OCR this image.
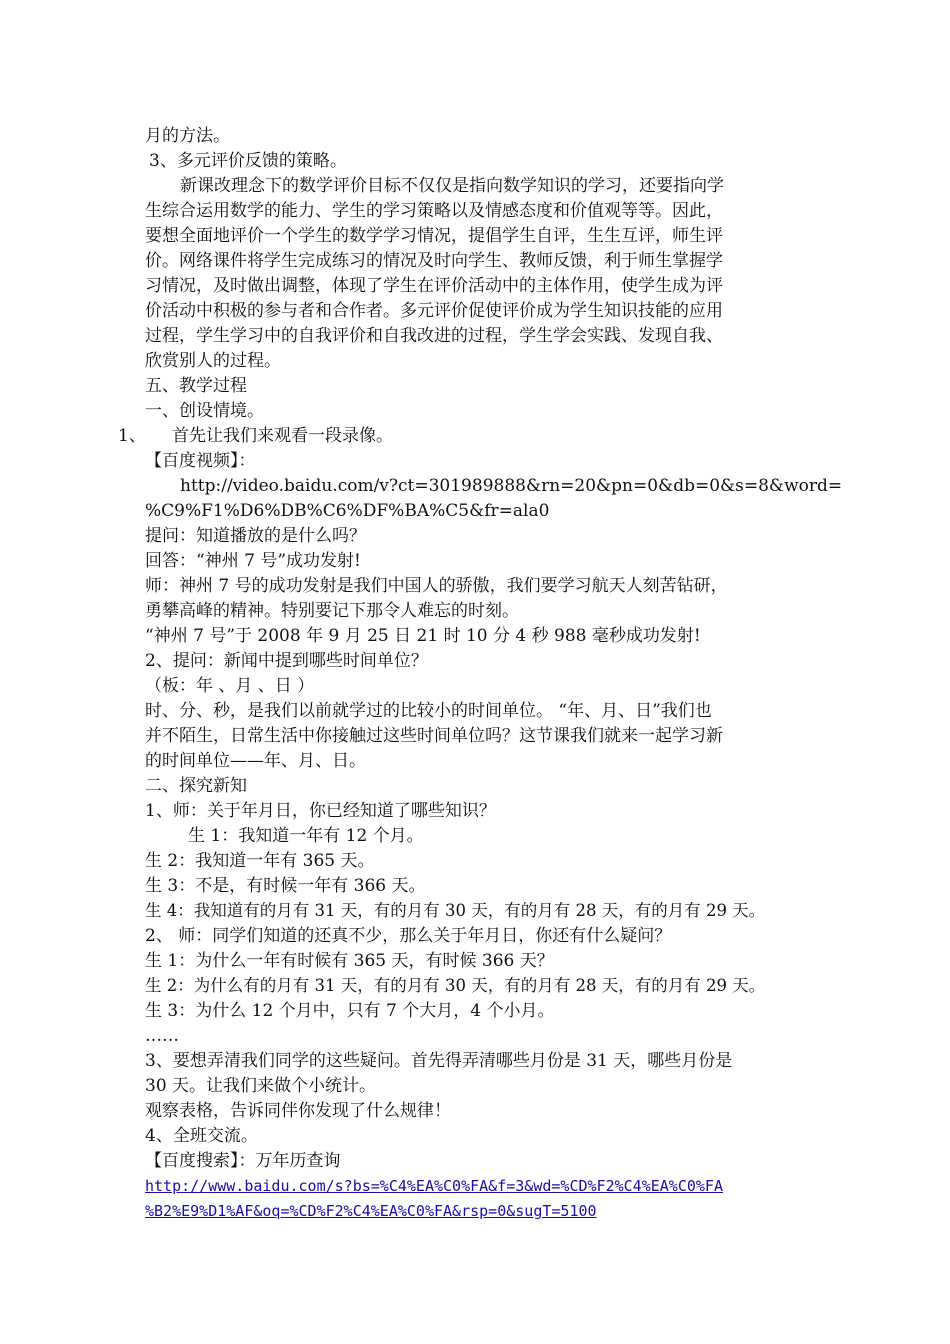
月的方法。
3、多元评价反馈的策略。
新课改理念下的数学评价目标不仅仅是指向数学知识的学习，还要指向学
生综合运用数学的能力、学生的学习策略以及情感态度和价值观等等。因此，
要想全面地评价一个学生的数学学习情况，提倡学生自评，生生互评，师生评
价。网络课件将学生完成练习的情况及时向学生、教师反馈，利于师生掌握学
习情况，及时做出调整，体现了学生在评价活动中的主体作用，使学生成为评
价活动中积极的参与者和合作者。多元评价促使评价成为学生知识技能的应用
过程，学生学习中的自我评价和自我改进的过程，学生学会实践、发现自我、
欣赏别人的过程。
五、教学过程
一、创设情境。
1、 首先让我们来观看一段录像。
【百度视频】：
http://video.baidu.com/v?ct=301989888&rn=20&pn=0&db=0&s=8&word=
%C9%F1%D6%DB%C6%DF%BA%C5&fr=ala0
提问：知道播放的是什么吗？
回答：“神州 7 号”成功发射!
师：神州 7 号的成功发射是我们中国人的骄傲，我们要学习航天人刻苦钻研，
勇攀高峰的精神。特别要记下那令人难忘的时刻。
“神州 7 号”于 2008 年 9 月 25 日 21 时 10 分 4 秒 988 毫秒成功发射!
2、提问：新闻中提到哪些时间单位？
（板：年 、月 、日 ）
时、分、秒，是我们以前就学过的比较小的时间单位。 “年、月、日”我们也
并不陌生，日常生活中你接触过这些时间单位吗？这节课我们就来一起学习新
的时间单位——年、月、日。
二、探究新知
1、师：关于年月日，你已经知道了哪些知识？
生 1：我知道一年有 12 个月。
生 2：我知道一年有 365 天。
生 3：不是，有时候一年有 366 天。
生 4：我知道有的月有 31 天，有的月有 30 天，有的月有 28 天，有的月有 29 天。
2、 师：同学们知道的还真不少，那么关于年月日，你还有什么疑问？
生 1：为什么一年有时候有 365 天，有时候 366 天？
生 2：为什么有的月有 31 天，有的月有 30 天，有的月有 28 天，有的月有 29 天。
生 3：为什么 12 个月中，只有 7 个大月，4 个小月。
……
3、要想弄清我们同学的这些疑问。首先得弄清哪些月份是 31 天，哪些月份是
30 天。让我们来做个小统计。
观察表格，告诉同伴你发现了什么规律！
4、全班交流。
【百度搜索】：万年历查询
http://www.baidu.com/s?bs=%C4%EA%C0%FA&f=3&wd=%CD%F2%C4%EA%C0%FA
%B2%E9%D1%AF&oq=%CD%F2%C4%EA%C0%FA&rsp=0&sugT=5100
